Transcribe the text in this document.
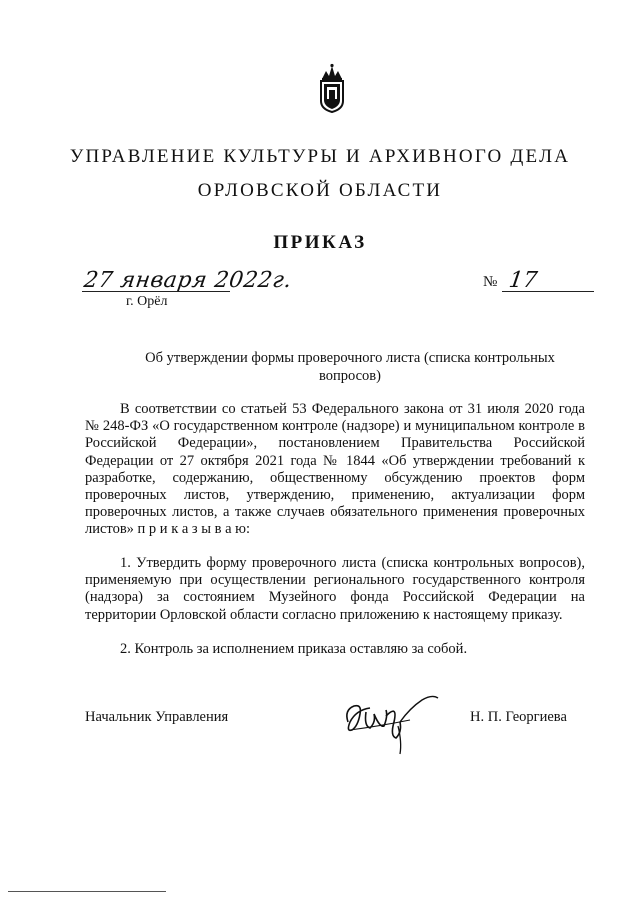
УПРАВЛЕНИЕ КУЛЬТУРЫ И АРХИВНОГО ДЕЛА
ОРЛОВСКОЙ ОБЛАСТИ
ПРИКАЗ
27 января 2022г.
г. Орёл
№ 17
Об утверждении формы проверочного листа (списка контрольных вопросов)
В соответствии со статьей 53 Федерального закона от 31 июля 2020 года № 248-ФЗ «О государственном контроле (надзоре) и муниципальном контроле в Российской Федерации», постановлением Правительства Российской Федерации от 27 октября 2021 года № 1844 «Об утверждении требований к разработке, содержанию, общественному обсуждению проектов форм проверочных листов, утверждению, применению, актуализации форм проверочных листов, а также случаев обязательного применения проверочных листов» п р и к а з ы в а ю:
1. Утвердить форму проверочного листа (списка контрольных вопросов), применяемую при осуществлении регионального государственного контроля (надзора) за состоянием Музейного фонда Российской Федерации на территории Орловской области согласно приложению к настоящему приказу.
2. Контроль за исполнением приказа оставляю за собой.
Начальник Управления	Н. П. Георгиева
